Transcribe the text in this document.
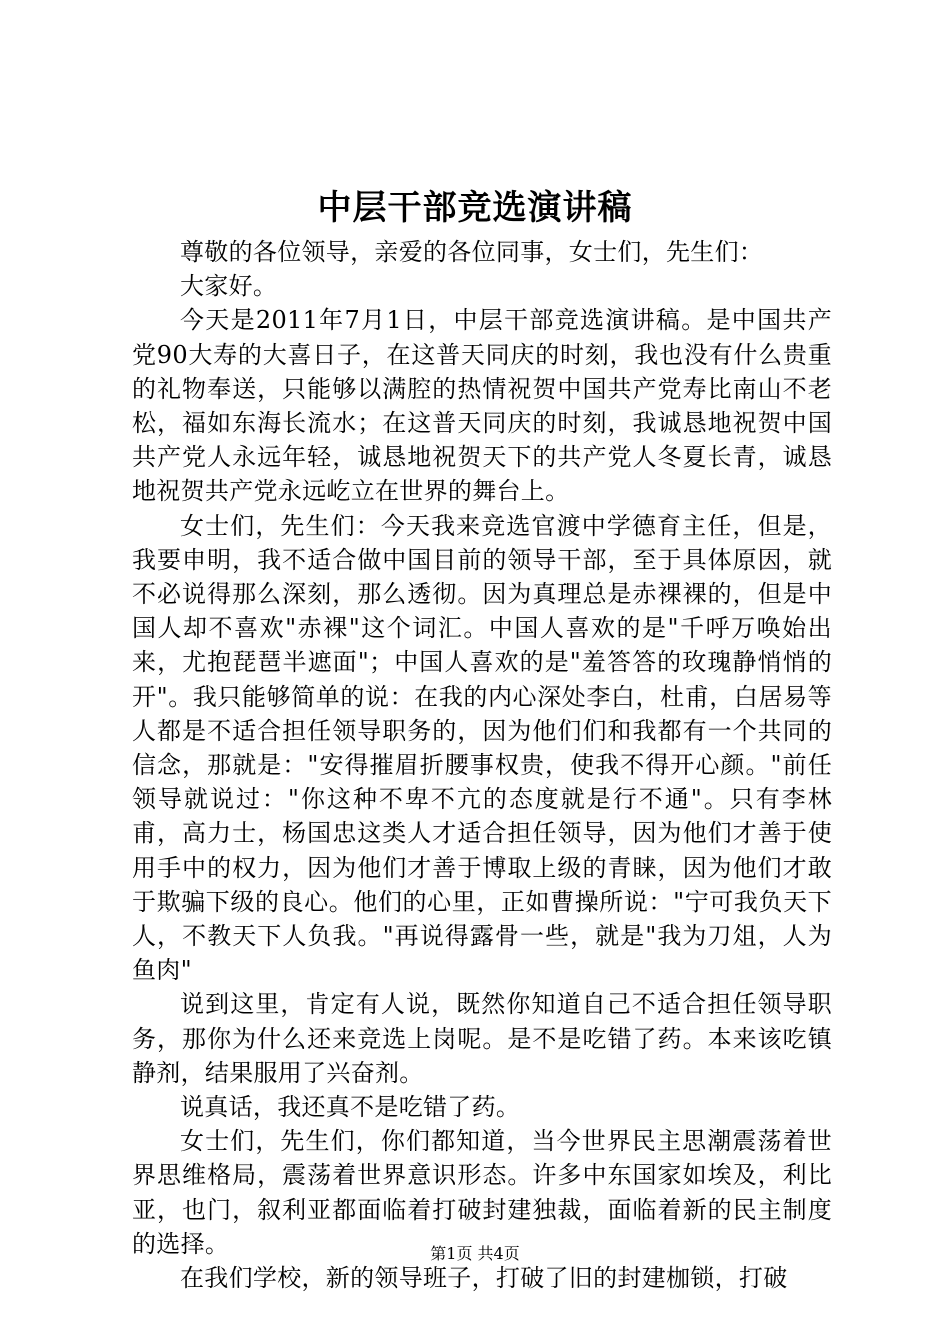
中层干部竞选演讲稿

尊敬的各位领导，亲爱的各位同事，女士们，先生们：

大家好。

今天是2011年7月1日，中层干部竞选演讲稿。是中国共产党90大寿的大喜日子，在这普天同庆的时刻，我也没有什么贵重的礼物奉送，只能够以满腔的热情祝贺中国共产党寿比南山不老松，福如东海长流水；在这普天同庆的时刻，我诚恳地祝贺中国共产党人永远年轻，诚恳地祝贺天下的共产党人冬夏长青，诚恳地祝贺共产党永远屹立在世界的舞台上。

女士们，先生们：今天我来竞选官渡中学德育主任，但是，我要申明，我不适合做中国目前的领导干部，至于具体原因，就不必说得那么深刻，那么透彻。因为真理总是赤裸裸的，但是中国人却不喜欢"赤裸"这个词汇。中国人喜欢的是"千呼万唤始出来，尤抱琵琶半遮面"；中国人喜欢的是"羞答答的玫瑰静悄悄的开"。我只能够简单的说：在我的内心深处李白，杜甫，白居易等人都是不适合担任领导职务的，因为他们们和我都有一个共同的信念，那就是："安得摧眉折腰事权贵，使我不得开心颜。"前任领导就说过："你这种不卑不亢的态度就是行不通"。只有李林甫，高力士，杨国忠这类人才适合担任领导，因为他们才善于使用手中的权力，因为他们才善于博取上级的青睐，因为他们才敢于欺骗下级的良心。他们的心里，正如曹操所说："宁可我负天下人，不教天下人负我。"再说得露骨一些，就是"我为刀俎，人为鱼肉"

说到这里，肯定有人说，既然你知道自己不适合担任领导职务，那你为什么还来竞选上岗呢。是不是吃错了药。本来该吃镇静剂，结果服用了兴奋剂。

说真话，我还真不是吃错了药。

女士们，先生们，你们都知道，当今世界民主思潮震荡着世界思维格局，震荡着世界意识形态。许多中东国家如埃及，利比亚，也门，叙利亚都面临着打破封建独裁，面临着新的民主制度的选择。

在我们学校，新的领导班子，打破了旧的封建枷锁，打破

第1页 共4页
